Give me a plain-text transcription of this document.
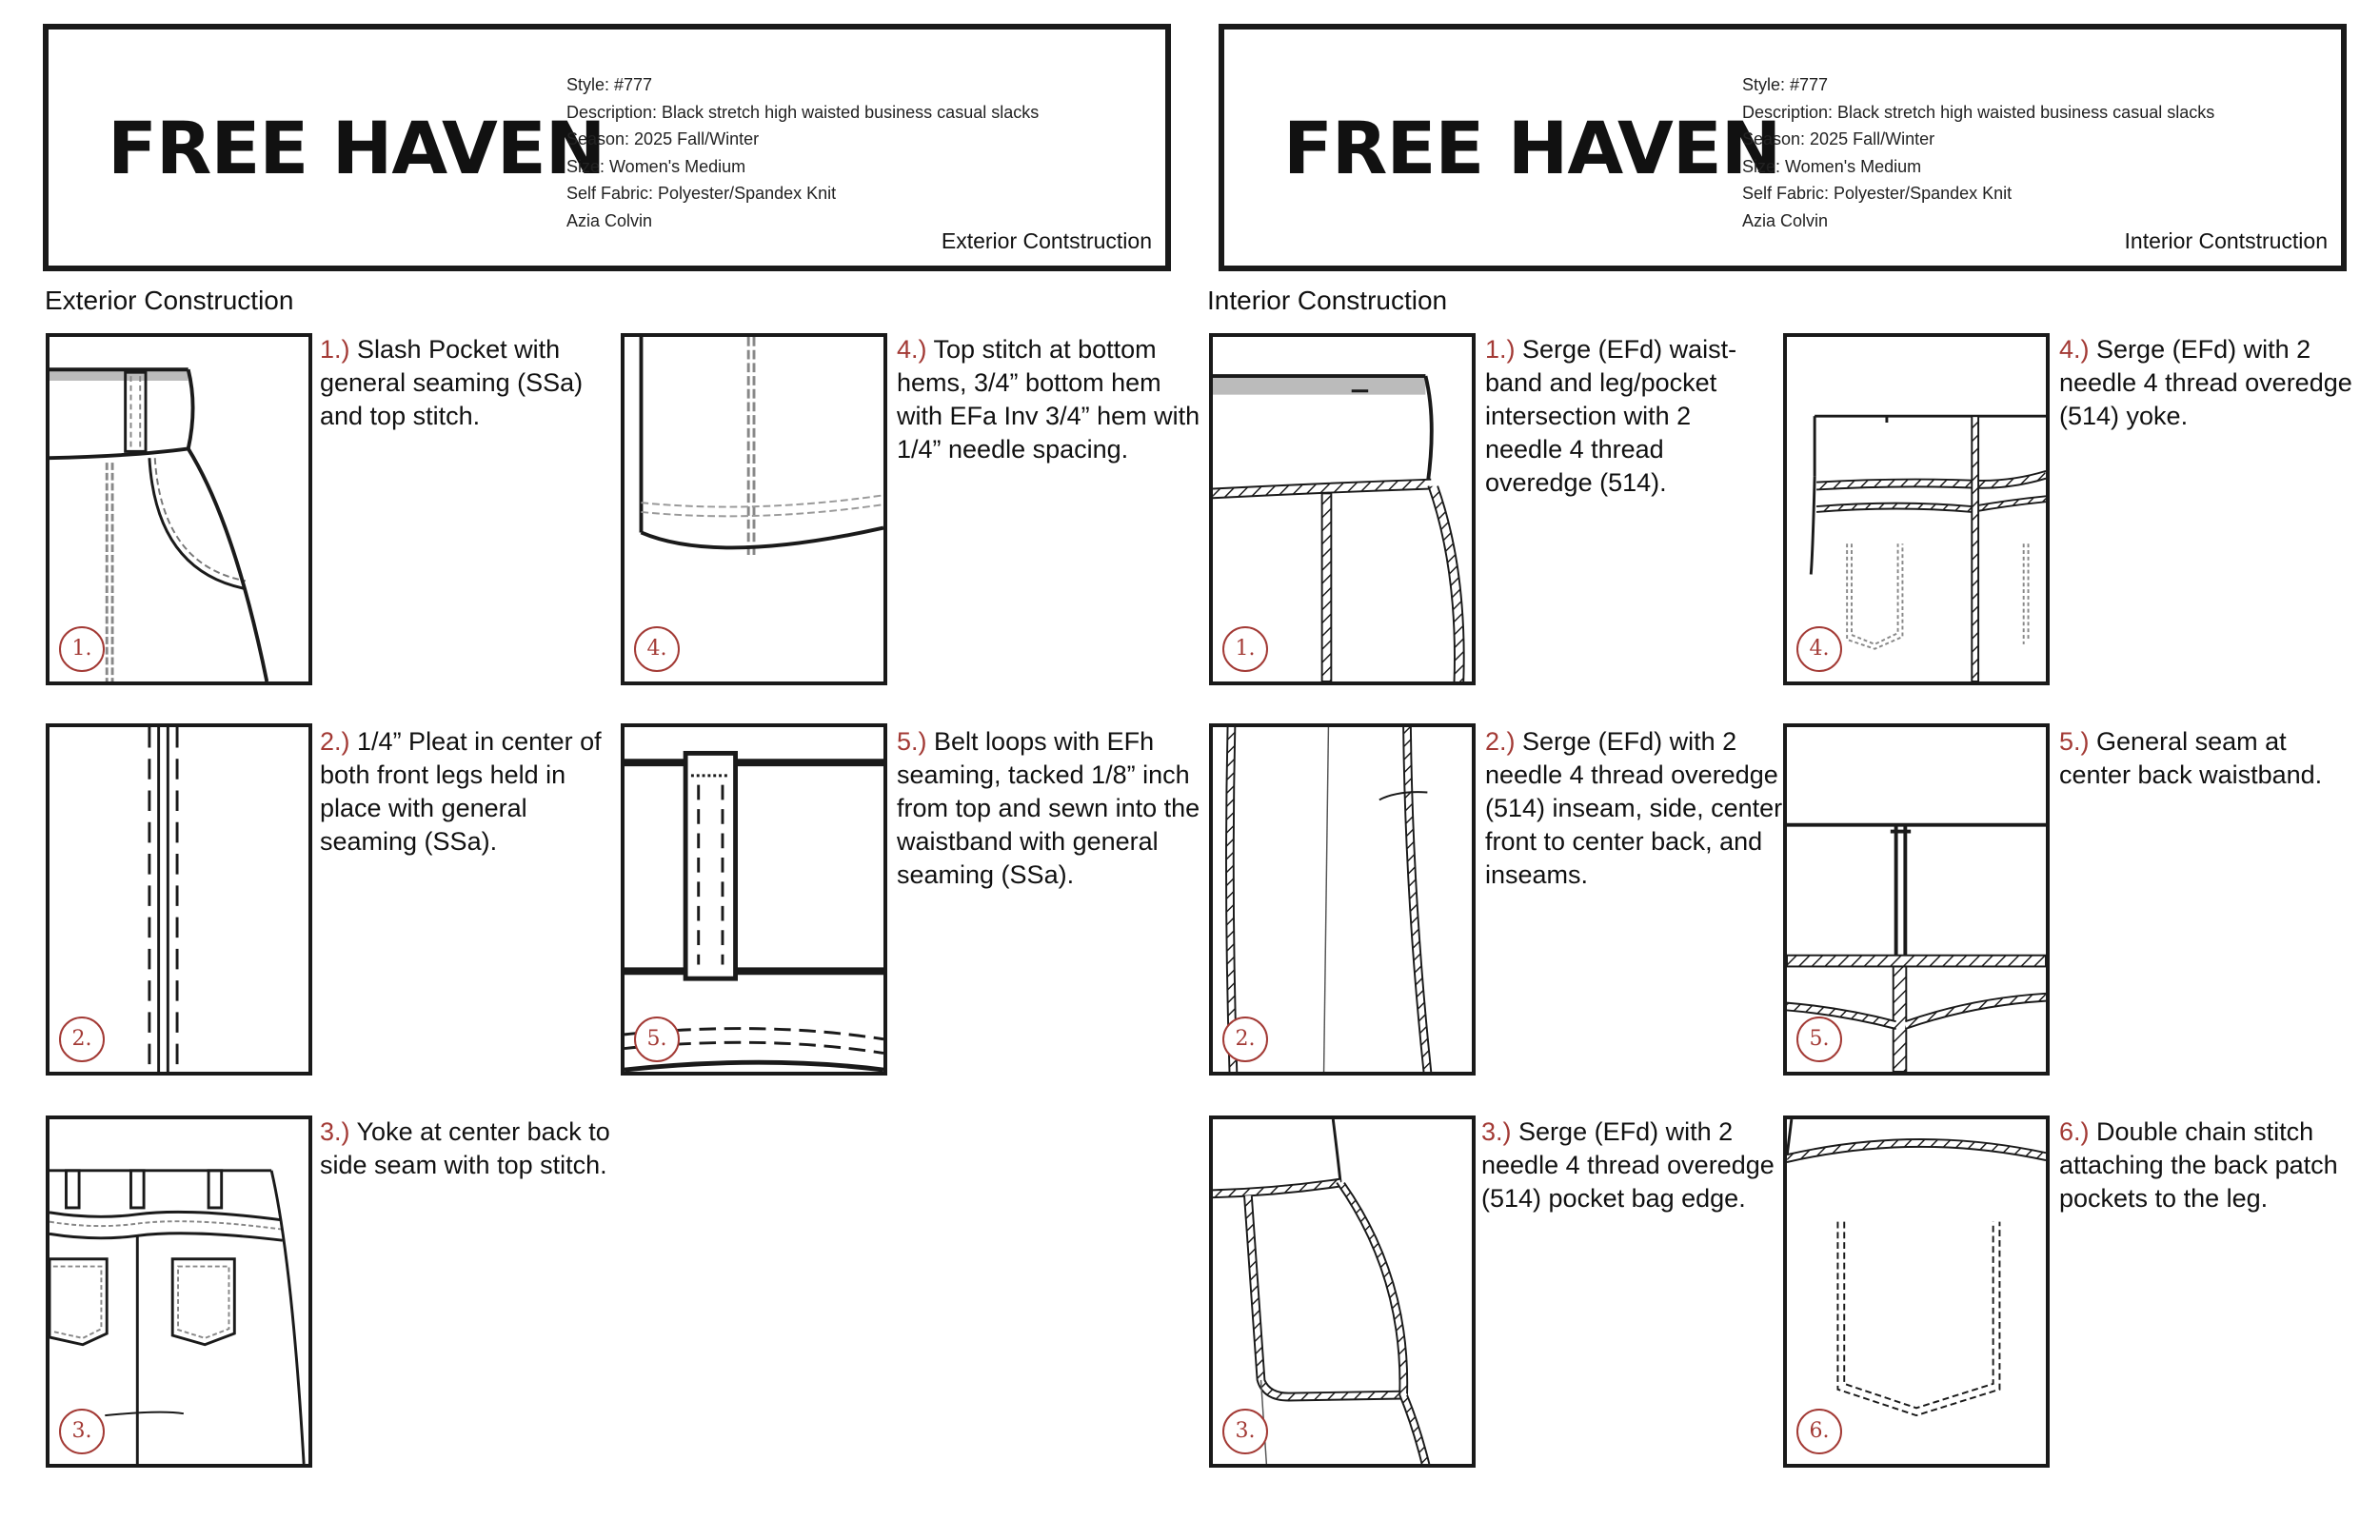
FREE HAVEN
Style: #777
Description: Black stretch high waisted business casual slacks
Season: 2025 Fall/Winter
Size: Women's Medium
Self Fabric: Polyester/Spandex Knit
Azia Colvin
Exterior Contstruction
FREE HAVEN
Style: #777
Description: Black stretch high waisted business casual slacks
Season: 2025 Fall/Winter
Size: Women's Medium
Self Fabric: Polyester/Spandex Knit
Azia Colvin
Interior Contstruction
Exterior Construction	Interior Construction
1.
1.) Slash Pocket with general seaming (SSa) and top stitch.
2.
2.) 1/4” Pleat in center of both front legs held in place with general seaming (SSa).
3.
3.) Yoke at center back to side seam with top stitch.
4.
4.) Top stitch at bottom hems, 3/4” bottom hem with EFa Inv 3/4” hem with 1/4” needle spacing.
5.
5.) Belt loops with EFh seaming, tacked 1/8” inch from top and sewn into the waistband with general seaming (SSa).
1.
1.) Serge (EFd) waist-band and leg/pocket intersection with 2 needle 4 thread overedge (514).
2.
2.) Serge (EFd) with 2 needle 4 thread overedge (514) inseam, side, center front to center back, and inseams.
3.
3.) Serge (EFd) with 2 needle 4 thread overedge (514) pocket bag edge.
4.
4.) Serge (EFd) with 2 needle 4 thread overedge (514) yoke.
5.
5.) General seam at center back waistband.
6.
6.) Double chain stitch attaching the back patch pockets to the leg.
